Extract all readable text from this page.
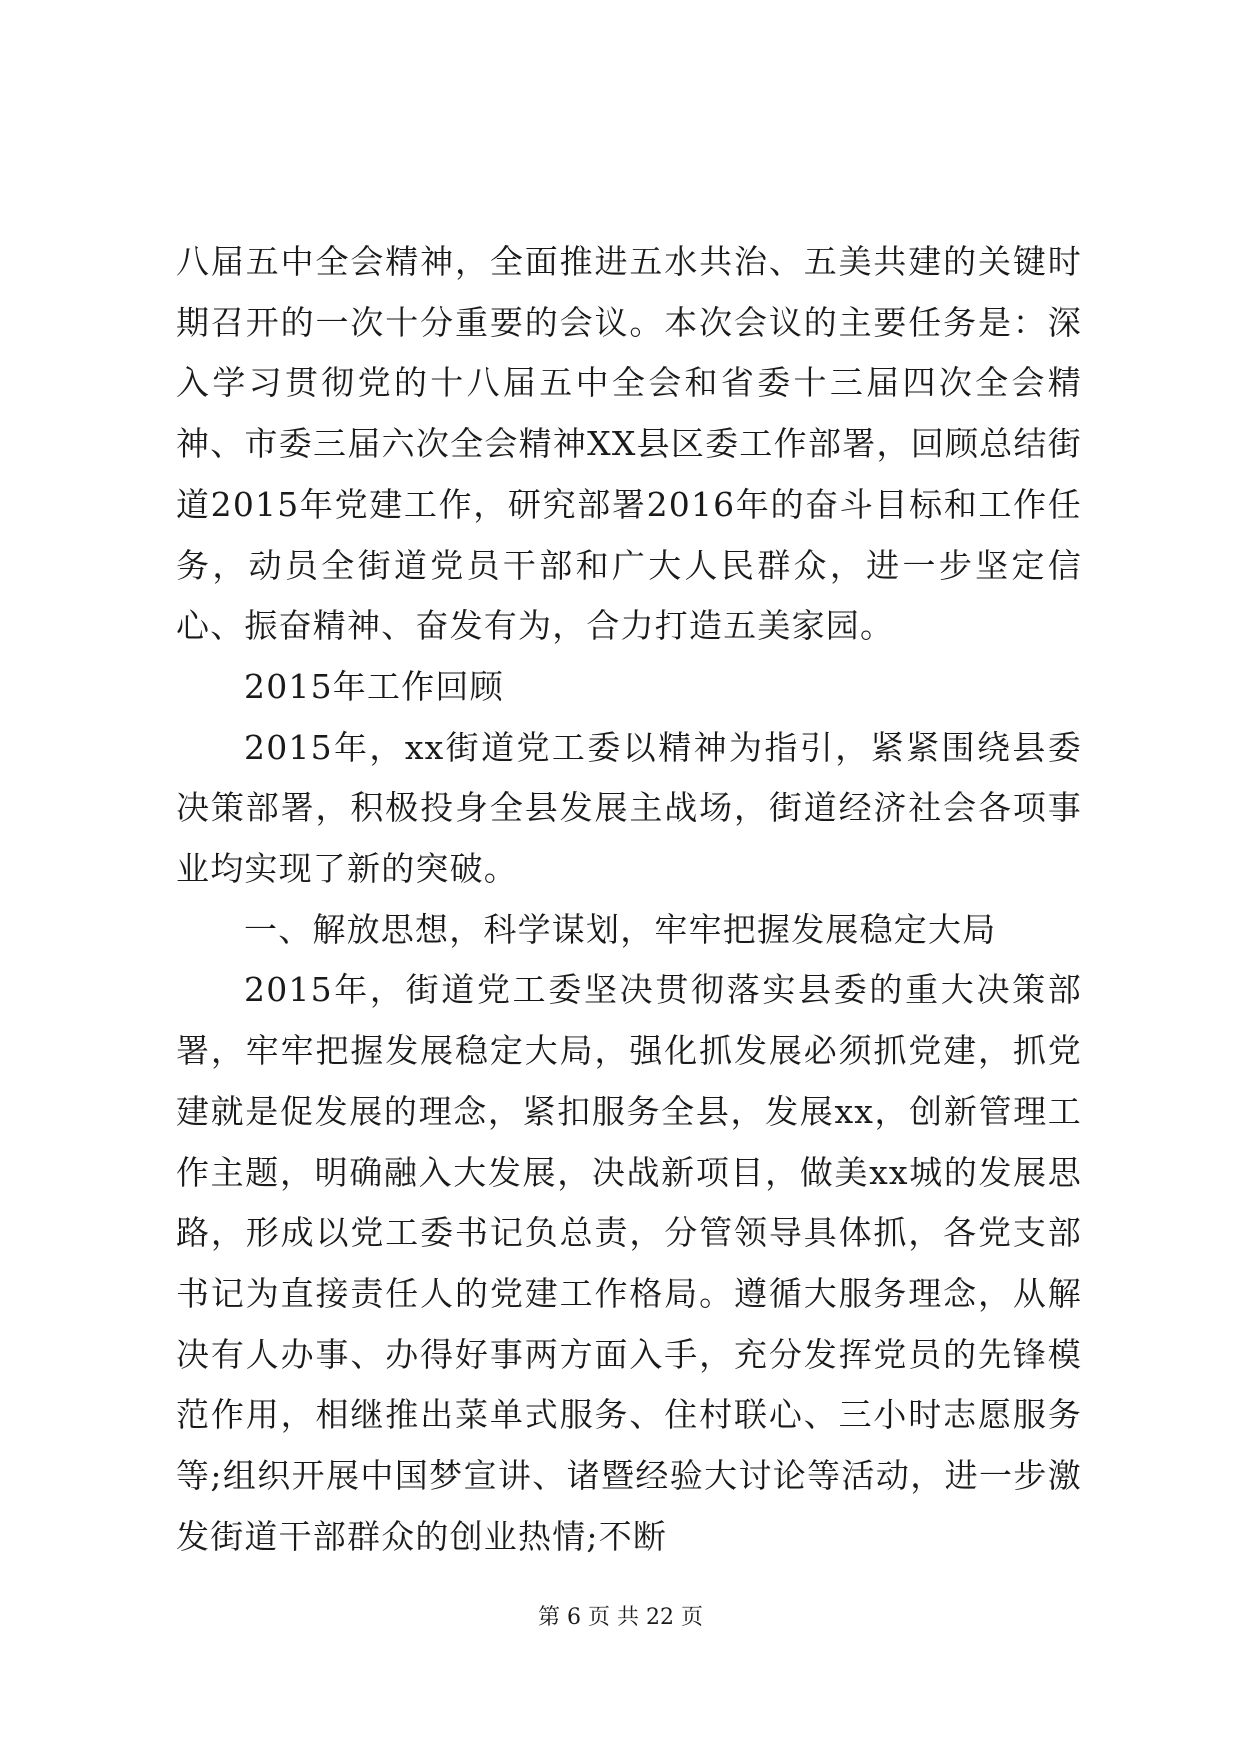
八届五中全会精神，全面推进五水共治、五美共建的关键时期召开的一次十分重要的会议。本次会议的主要任务是：深入学习贯彻党的十八届五中全会和省委十三届四次全会精神、市委三届六次全会精神XX县区委工作部署，回顾总结街道2015年党建工作，研究部署2016年的奋斗目标和工作任务，动员全街道党员干部和广大人民群众，进一步坚定信心、振奋精神、奋发有为，合力打造五美家园。

2015年工作回顾

2015年，xx街道党工委以精神为指引，紧紧围绕县委决策部署，积极投身全县发展主战场，街道经济社会各项事业均实现了新的突破。

一、解放思想，科学谋划，牢牢把握发展稳定大局

2015年，街道党工委坚决贯彻落实县委的重大决策部署，牢牢把握发展稳定大局，强化抓发展必须抓党建，抓党建就是促发展的理念，紧扣服务全县，发展xx，创新管理工作主题，明确融入大发展，决战新项目，做美xx城的发展思路，形成以党工委书记负总责，分管领导具体抓，各党支部书记为直接责任人的党建工作格局。遵循大服务理念，从解决有人办事、办得好事两方面入手，充分发挥党员的先锋模范作用，相继推出菜单式服务、住村联心、三小时志愿服务等;组织开展中国梦宣讲、诸暨经验大讨论等活动，进一步激发街道干部群众的创业热情;不断

第 6 页 共 22 页
